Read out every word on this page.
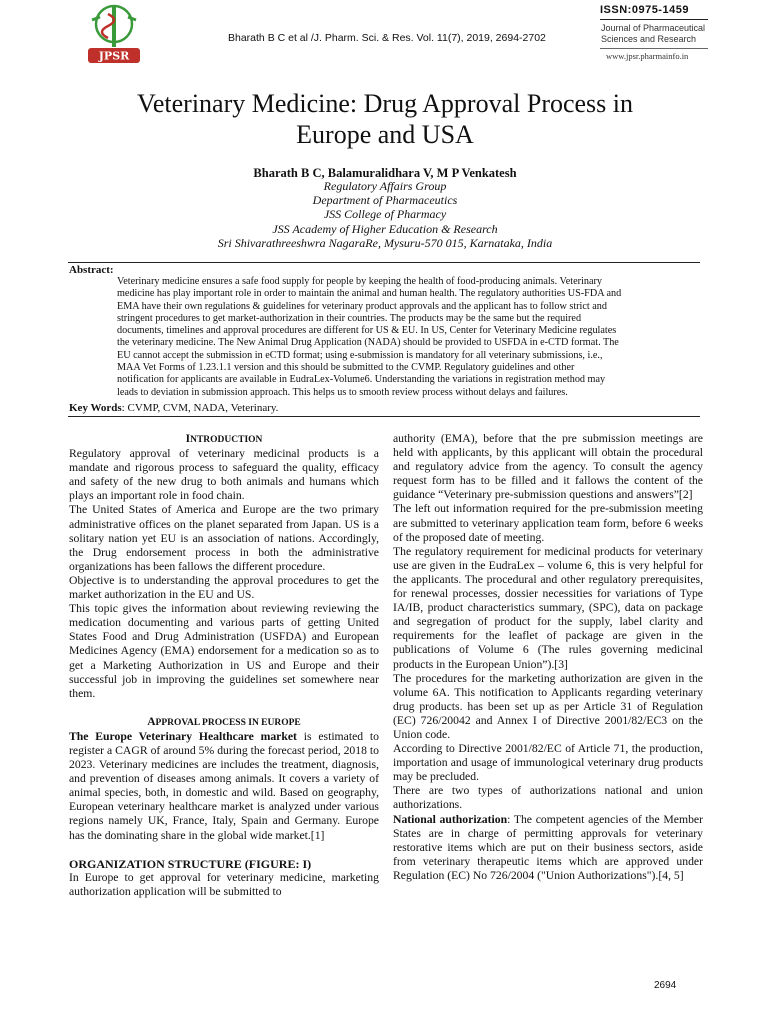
JPSR
Bharath B C et al /J. Pharm. Sci. & Res. Vol. 11(7), 2019, 2694-2702
ISSN:0975-1459
Journal of Pharmaceutical
Sciences and Research
www.jpsr.pharmainfo.in
Veterinary Medicine: Drug Approval Process in
Europe and USA
Bharath B C, Balamuralidhara V, M P Venkatesh
Regulatory Affairs Group
Department of Pharmaceutics
JSS College of Pharmacy
JSS Academy of Higher Education & Research
Sri Shivarathreeshwra NagaraRe, Mysuru-570 015, Karnataka, India
Abstract:
Veterinary medicine ensures a safe food supply for people by keeping the health of food-producing animals. Veterinary
medicine has play important role in order to maintain the animal and human health. The regulatory authorities US-FDA and
EMA have their own regulations & guidelines for veterinary product approvals and the applicant has to follow strict and
stringent procedures to get market-authorization in their countries. The products may be the same but the required
documents, timelines and approval procedures are different for US & EU. In US, Center for Veterinary Medicine regulates
the veterinary medicine. The New Animal Drug Application (NADA) should be provided to USFDA in e-CTD format. The
EU cannot accept the submission in eCTD format; using e-submission is mandatory for all veterinary submissions, i.e.,
MAA Vet Forms of 1.23.1.1 version and this should be submitted to the CVMP. Regulatory guidelines and other
notification for applicants are available in EudraLex-Volume6. Understanding the variations in registration method may
leads to deviation in submission approach. This helps us to smooth review process without delays and failures.
Key Words: CVMP, CVM, NADA, Veterinary.

INTRODUCTION

Regulatory approval of veterinary medicinal products is a mandate and rigorous process to safeguard the quality, efficacy and safety of the new drug to both animals and humans which plays an important role in food chain.

The United States of America and Europe are the two primary administrative offices on the planet separated from Japan. US is a solitary nation yet EU is an association of nations. Accordingly, the Drug endorsement process in both the administrative organizations has been fallows the different procedure.

Objective is to understanding the approval procedures to get the market authorization in the EU and US.

This topic gives the information about reviewing reviewing the medication documenting and various parts of getting United States Food and Drug Administration (USFDA) and European Medicines Agency (EMA) endorsement for a medication so as to get a Marketing Authorization in US and Europe and their successful job in improving the guidelines set somewhere near them.

APPROVAL PROCESS IN EUROPE

The Europe Veterinary Healthcare market is estimated to register a CAGR of around 5% during the forecast period, 2018 to 2023. Veterinary medicines are includes the treatment, diagnosis, and prevention of diseases among animals. It covers a variety of animal species, both, in domestic and wild. Based on geography, European veterinary healthcare market is analyzed under various regions namely UK, France, Italy, Spain and Germany. Europe has the dominating share in the global wide market.[1]

ORGANIZATION STRUCTURE (FIGURE: I)

In Europe to get approval for veterinary medicine, marketing authorization application will be submitted to

authority (EMA), before that the pre submission meetings are held with applicants, by this applicant will obtain the procedural and regulatory advice from the agency. To consult the agency request form has to be filled and it fallows the content of the guidance “Veterinary pre-submission questions and answers”[2]

The left out information required for the pre-submission meeting are submitted to veterinary application team form, before 6 weeks of the proposed date of meeting.

The regulatory requirement for medicinal products for veterinary use are given in the EudraLex – volume 6, this is very helpful for the applicants. The procedural and other regulatory prerequisites, for renewal processes, dossier necessities for variations of Type IA/IB, product characteristics summary, (SPC), data on package and segregation of product for the supply, label clarity and requirements for the leaflet of package are given in the publications of Volume 6 (The rules governing medicinal products in the European Union”).[3]

The procedures for the marketing authorization are given in the volume 6A. This notification to Applicants regarding veterinary drug products. has been set up as per Article 31 of Regulation (EC) 726/20042 and Annex I of Directive 2001/82/EC3 on the Union code.

According to Directive 2001/82/EC of Article 71, the production, importation and usage of immunological veterinary drug products may be precluded.

There are two types of authorizations national and union authorizations.

National authorization: The competent agencies of the Member States are in charge of permitting approvals for veterinary restorative items which are put on their business sectors, aside from veterinary therapeutic items which are approved under Regulation (EC) No 726/2004 ("Union Authorizations").[4, 5]

2694
